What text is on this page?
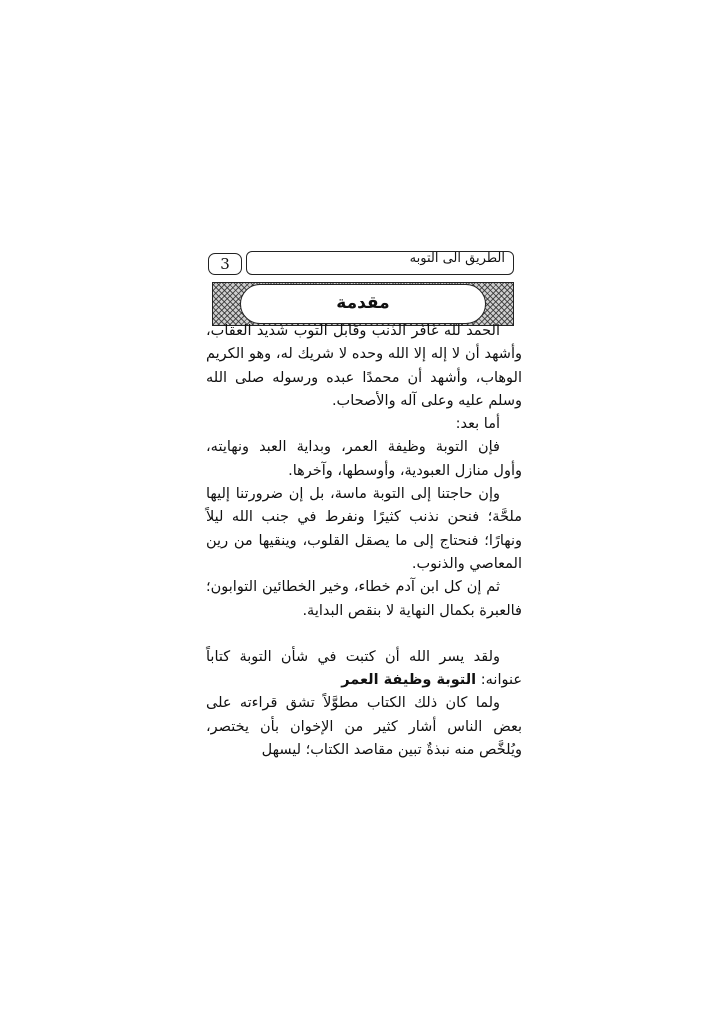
3	الطريق الى التوبه
مقدمة

الحمد لله غافر الذنب وقابل التوب شديد العقاب، وأشهد أن لا إله إلا الله وحده لا شريك له، وهو الكريم الوهاب، وأشهد أن محمدًا عبده ورسوله صلى الله وسلم عليه وعلى آله والأصحاب.

أما بعد:

فإن التوبة وظيفة العمر، وبداية العبد ونهايته، وأول منازل العبودية، وأوسطها، وآخرها.

وإن حاجتنا إلى التوبة ماسة، بل إن ضرورتنا إليها ملحَّة؛ فنحن نذنب كثيرًا ونفرط في جنب الله ليلاً ونهارًا؛ فنحتاج إلى ما يصقل القلوب، وينقيها من رين المعاصي والذنوب.

ثم إن كل ابن آدم خطاء، وخير الخطائين التوابون؛ فالعبرة بكمال النهاية لا بنقص البداية.

ولقد يسر الله أن كتبت في شأن التوبة كتاباً عنوانه: التوبة وظيفة العمر

ولما كان ذلك الكتاب مطوَّلاً تشق قراءته على بعض الناس أشار كثير من الإخوان بأن يختصر، ويُلخَّص منه نبذةٌ تبين مقاصد الكتاب؛ ليسهل
